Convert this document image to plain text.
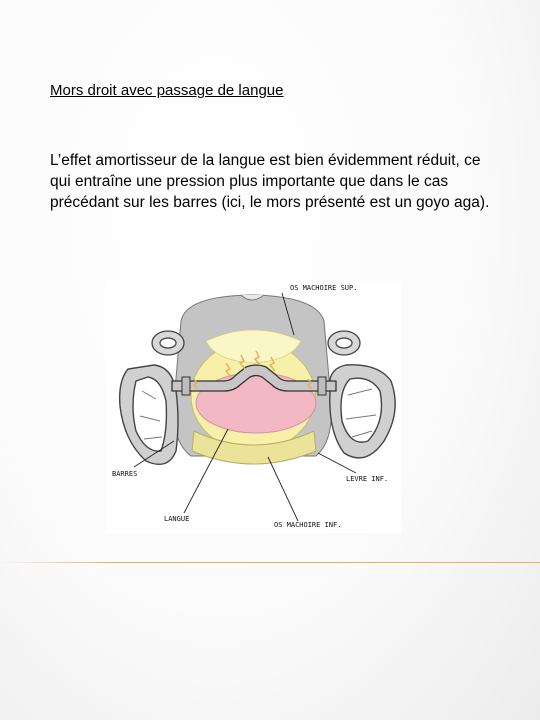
Mors droit avec passage de langue

L’effet amortisseur de la langue est bien évidemment réduit, ce qui entraîne une pression plus importante que dans le cas précédant sur les barres (ici, le mors présenté est un goyo aga).

OS MACHOIRE SUP.
BARRES
LEVRE INF.
LANGUE
OS MACHOIRE INF.
